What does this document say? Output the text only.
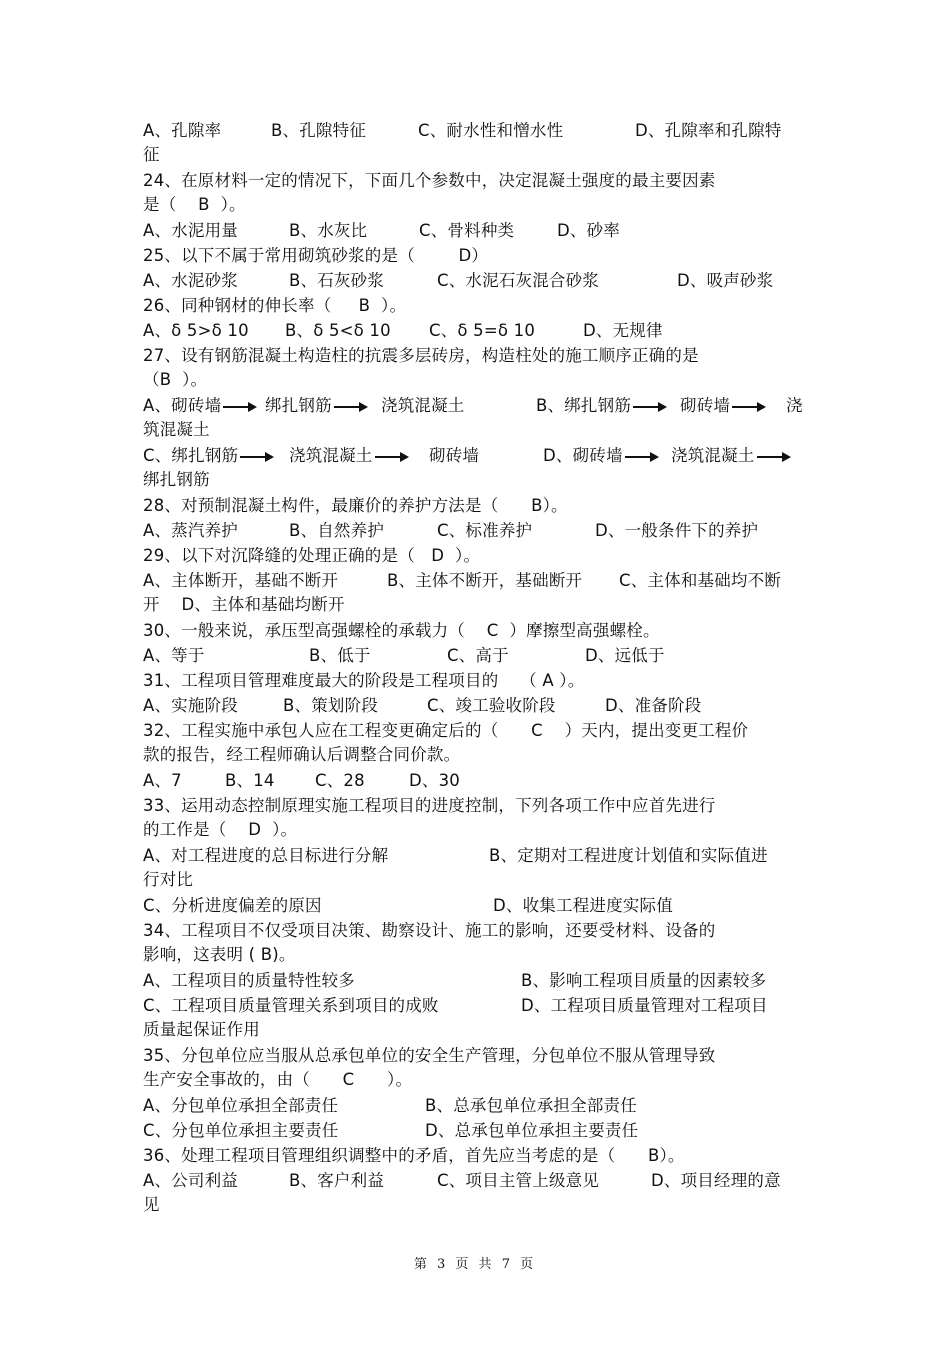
A、孔隙率	B、孔隙特征	C、耐水性和憎水性	D、孔隙率和孔隙特
征
24、在原材料一定的情况下，下面几个参数中，决定混凝土强度的最主要因素
是（    B  ）。
A、水泥用量	B、水灰比	C、骨料种类	D、砂率
25、以下不属于常用砌筑砂浆的是（        D）
A、水泥砂浆	B、石灰砂浆	C、水泥石灰混合砂浆	D、吸声砂浆
26、同种钢材的伸长率（     B  ）。
A、δ 5>δ 10 B、δ 5<δ 10 C、δ 5=δ 10	D、无规律
27、设有钢筋混凝土构造柱的抗震多层砖房，构造柱处的施工顺序正确的是
（B  ）。
A、砌砖墙	绑扎钢筋	浇筑混凝土	B、绑扎钢筋	砌砖墙	浇
筑混凝土
C、绑扎钢筋	浇筑混凝土	砌砖墙	D、砌砖墙	浇筑混凝土
绑扎钢筋
28、对预制混凝土构件，最廉价的养护方法是（      B）。
A、蒸汽养护	B、自然养护	C、标准养护	D、一般条件下的养护
29、以下对沉降缝的处理正确的是（   D  ）。
A、主体断开，基础不断开	B、主体不断开，基础断开 C、主体和基础均不断
开    D、主体和基础均断开
30、一般来说，承压型高强螺栓的承载力（    C  ）摩擦型高强螺栓。
A、等于	B、低于	C、高于	D、远低于
31、工程项目管理难度最大的阶段是工程项目的    （ A ）。
A、实施阶段	B、策划阶段	C、竣工验收阶段	D、准备阶段
32、工程实施中承包人应在工程变更确定后的（      C    ）天内，提出变更工程价
款的报告，经工程师确认后调整合同价款。
A、7	B、14 C、28	D、30
33、运用动态控制原理实施工程项目的进度控制，下列各项工作中应首先进行
的工作是（    D  ）。
A、对工程进度的总目标进行分解	B、定期对工程进度计划值和实际值进
行对比
C、分析进度偏差的原因	D、收集工程进度实际值
34、工程项目不仅受项目决策、勘察设计、施工的影响，还要受材料、设备的
影响，这表明 ( B)。
A、工程项目的质量特性较多	B、影响工程项目质量的因素较多
C、工程项目质量管理关系到项目的成败	D、工程项目质量管理对工程项目
质量起保证作用
35、分包单位应当服从总承包单位的安全生产管理，分包单位不服从管理导致
生产安全事故的，由（      C      ）。
A、分包单位承担全部责任	B、总承包单位承担全部责任
C、分包单位承担主要责任	D、总承包单位承担主要责任
36、处理工程项目管理组织调整中的矛盾，首先应当考虑的是（      B）。
A、公司利益	B、客户利益	C、项目主管上级意见	D、项目经理的意
见
第 3 页 共 7 页
